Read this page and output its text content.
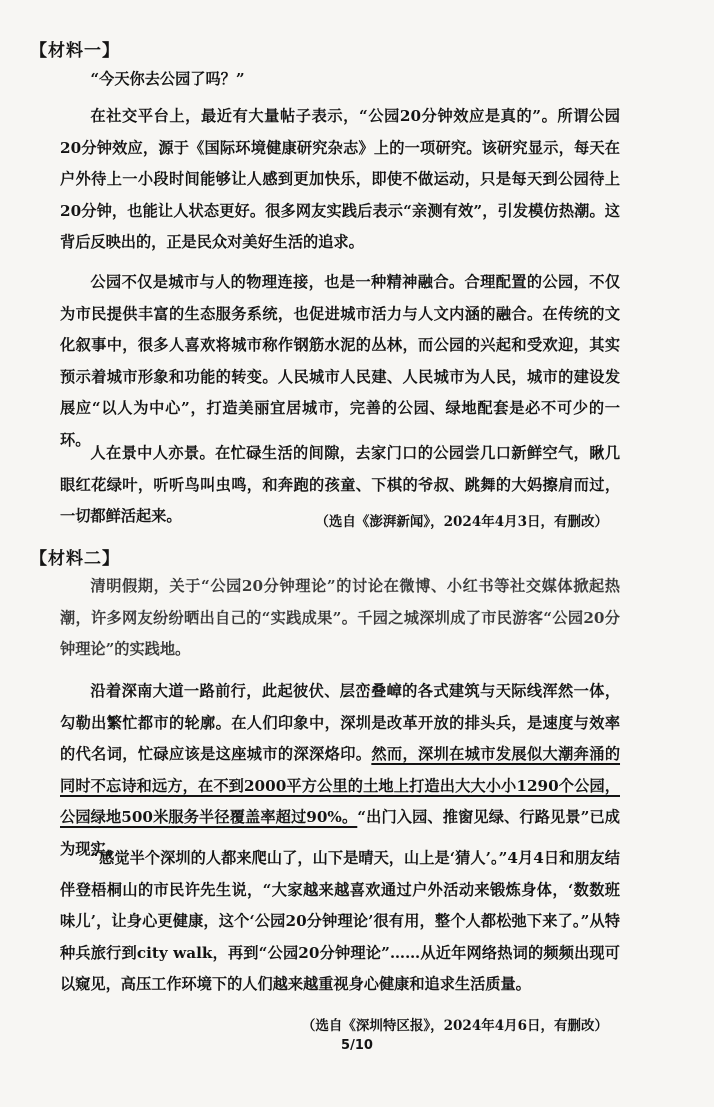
【材料一】

“今天你去公园了吗？”

在社交平台上，最近有大量帖子表示，“公园20分钟效应是真的”。所谓公园20分钟效应，源于《国际环境健康研究杂志》上的一项研究。该研究显示，每天在户外待上一小段时间能够让人感到更加快乐，即使不做运动，只是每天到公园待上20分钟，也能让人状态更好。很多网友实践后表示“亲测有效”，引发模仿热潮。这背后反映出的，正是民众对美好生活的追求。

公园不仅是城市与人的物理连接，也是一种精神融合。合理配置的公园，不仅为市民提供丰富的生态服务系统，也促进城市活力与人文内涵的融合。在传统的文化叙事中，很多人喜欢将城市称作钢筋水泥的丛林，而公园的兴起和受欢迎，其实预示着城市形象和功能的转变。人民城市人民建、人民城市为人民，城市的建设发展应“以人为中心”，打造美丽宜居城市，完善的公园、绿地配套是必不可少的一环。

人在景中人亦景。在忙碌生活的间隙，去家门口的公园尝几口新鲜空气，瞅几眼红花绿叶，听听鸟叫虫鸣，和奔跑的孩童、下棋的爷叔、跳舞的大妈擦肩而过，一切都鲜活起来。	（选自《澎湃新闻》，2024年4月3日，有删改）
【材料二】

清明假期，关于“公园20分钟理论”的讨论在微博、小红书等社交媒体掀起热潮，许多网友纷纷晒出自己的“实践成果”。千园之城深圳成了市民游客“公园20分钟理论”的实践地。

沿着深南大道一路前行，此起彼伏、层峦叠嶂的各式建筑与天际线浑然一体，勾勒出繁忙都市的轮廓。在人们印象中，深圳是改革开放的排头兵，是速度与效率的代名词，忙碌应该是这座城市的深深烙印。然而，深圳在城市发展似大潮奔涌的同时不忘诗和远方，在不到2000平方公里的土地上打造出大大小小1290个公园，公园绿地500米服务半径覆盖率超过90%。“出门入园、推窗见绿、行路见景”已成为现实。

“感觉半个深圳的人都来爬山了，山下是晴天，山上是‘猜人’。”4月4日和朋友结伴登梧桐山的市民许先生说，“大家越来越喜欢通过户外活动来锻炼身体，‘数数班味儿’，让身心更健康，这个‘公园20分钟理论’很有用，整个人都松弛下来了。”从特种兵旅行到city walk，再到“公园20分钟理论”……从近年网络热词的频频出现可以窥见，高压工作环境下的人们越来越重视身心健康和追求生活质量。

（选自《深圳特区报》，2024年4月6日，有删改）
5/10
